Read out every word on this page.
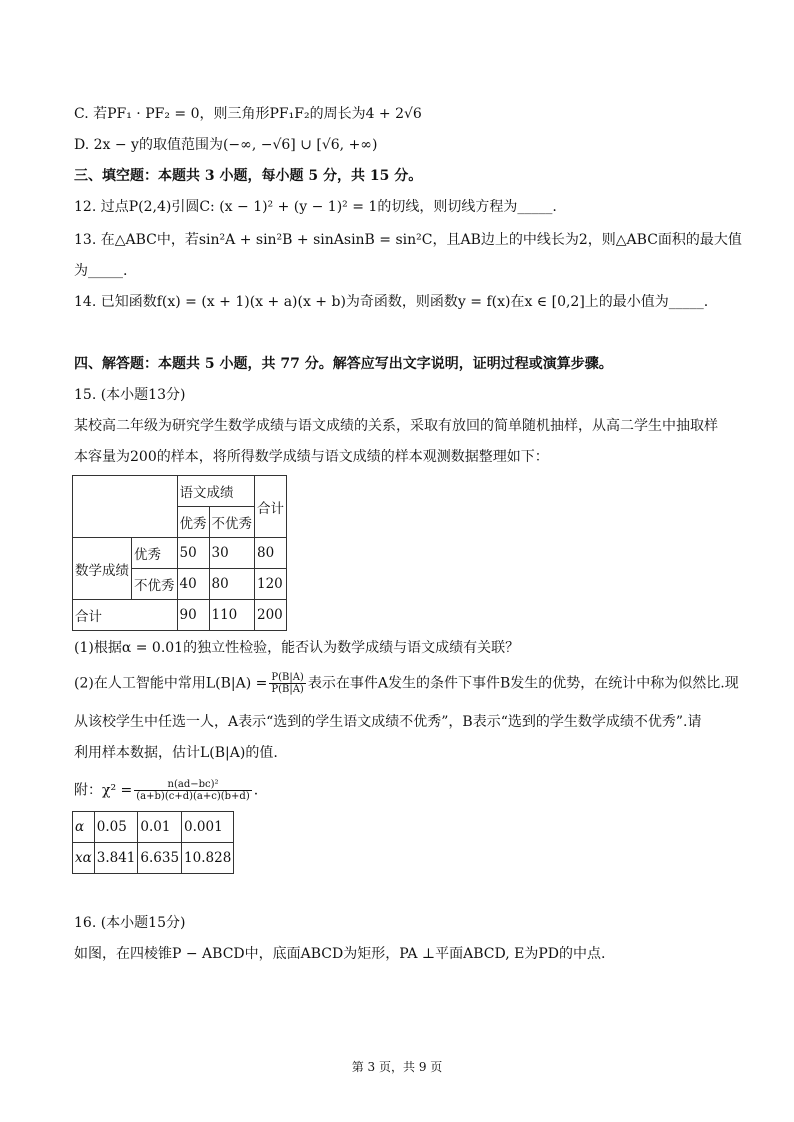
C. 若PF₁ · PF₂ = 0，则三角形PF₁F₂的周长为4 + 2√6
D. 2x − y的取值范围为(−∞, −√6] ∪ [√6, +∞)
三、填空题：本题共 3 小题，每小题 5 分，共 15 分。
12. 过点P(2,4)引圆C: (x − 1)² + (y − 1)² = 1的切线，则切线方程为_____.
13. 在△ABC中，若sin²A + sin²B + sinAsinB = sin²C，且AB边上的中线长为2，则△ABC面积的最大值
为_____.
14. 已知函数f(x) = (x + 1)(x + a)(x + b)为奇函数，则函数y = f(x)在x ∈ [0,2]上的最小值为_____.
四、解答题：本题共 5 小题，共 77 分。解答应写出文字说明，证明过程或演算步骤。
15. (本小题13分)
某校高二年级为研究学生数学成绩与语文成绩的关系，采取有放回的简单随机抽样，从高二学生中抽取样
本容量为200的样本，将所得数学成绩与语文成绩的样本观测数据整理如下：
		语文成绩		合计
		优秀	不优秀	
数学成绩	优秀	50	30	80
	不优秀	40	80	120
合计		90	110	200
(1)根据α = 0.01的独立性检验，能否认为数学成绩与语文成绩有关联？
(2)在人工智能中常用$L(B|A) = \frac{P(B|A)}{P(B|A)}$ 表示在事件A发生的条件下事件B发生的优势，在统计中称为似然比.现
从该校学生中任选一人，A表示“选到的学生语文成绩不优秀”，B表示“选到的学生数学成绩不优秀”.请
利用样本数据，估计L(B|A)的值.
附：$\chi^2 = \frac{\text{n(ad−bc)²}}{(a+b)(c+d)(a+c)(b+d)}$ .
α	0.05	0.01	0.001
xα	3.841	6.635	10.828
16. (本小题15分)
如图，在四棱锥P − ABCD中，底面ABCD为矩形，PA ⊥平面ABCD, E为PD的中点.
第 3 页，共 9 页
